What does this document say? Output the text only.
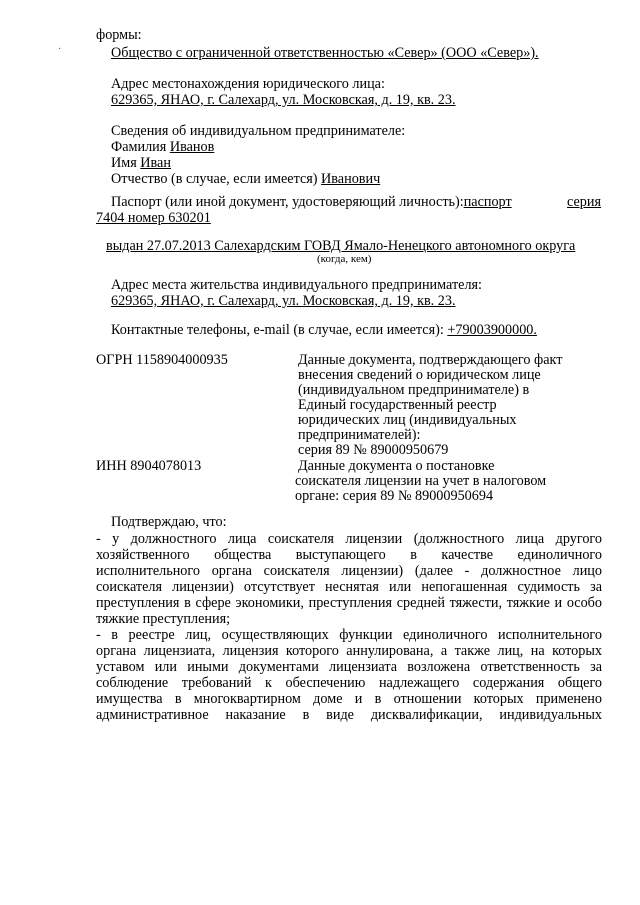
·
формы:
Общество с ограниченной ответственностью «Север» (ООО «Север»).
Адрес местонахождения юридического лица:
629365, ЯНАО, г. Салехард, ул. Московская, д. 19, кв. 23.
Сведения об индивидуальном предпринимателе:
Фамилия Иванов
Имя Иван
Отчество (в случае, если имеется) Иванович
Паспорт (или иной документ, удостоверяющий личность): паспорт	серия
7404 номер 630201
выдан 27.07.2013 Салехардским ГОВД Ямало-Ненецкого автономного округа
(когда, кем)
Адрес места жительства индивидуального предпринимателя:
629365, ЯНАО, г. Салехард, ул. Московская, д. 19, кв. 23.
Контактные телефоны, e-mail (в случае, если имеется): +79003900000.
ОГРН 1158904000935	Данные документа, подтверждающего факт
внесения сведений о юридическом лице
(индивидуальном предпринимателе) в
Единый государственный реестр
юридических лиц (индивидуальных
предпринимателей):
серия 89 № 89000950679
ИНН 8904078013	Данные документа о постановке
соискателя лицензии на учет в налоговом
органе: серия 89 № 89000950694
Подтверждаю, что:
- у должностного лица соискателя лицензии (должностного лица другого
хозяйственного общества выступающего в качестве единоличного
исполнительного органа соискателя лицензии) (далее - должностное лицо
соискателя лицензии) отсутствует неснятая или непогашенная судимость за
преступления в сфере экономики, преступления средней тяжести, тяжкие и особо
тяжкие преступления;
- в реестре лиц, осуществляющих функции единоличного исполнительного
органа лицензиата, лицензия которого аннулирована, а также лиц, на которых
уставом или иными документами лицензиата возложена ответственность за
соблюдение требований к обеспечению надлежащего содержания общего
имущества в многоквартирном доме и в отношении которых применено
административное наказание в виде дисквалификации, индивидуальных
